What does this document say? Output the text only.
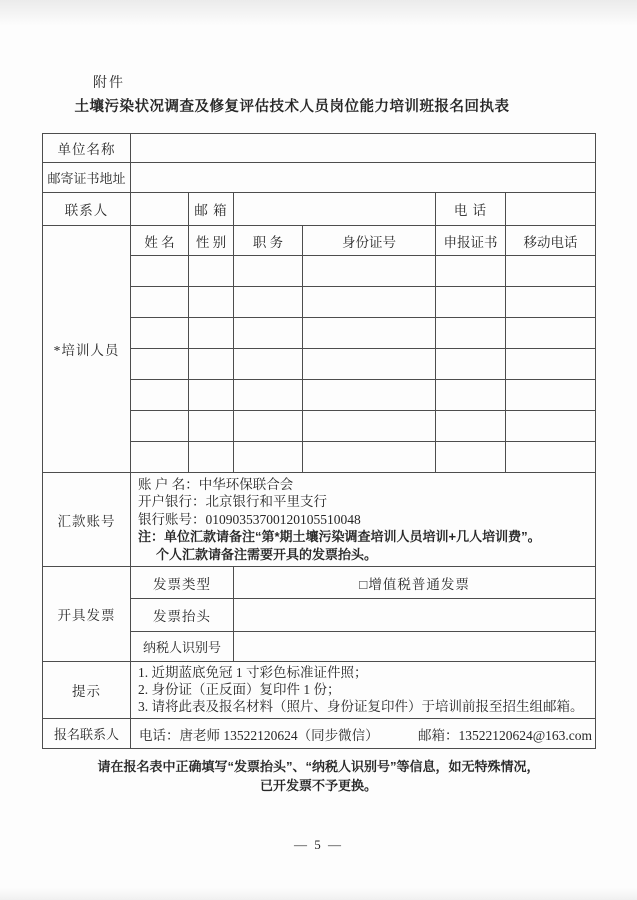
附件
土壤污染状况调查及修复评估技术人员岗位能力培训班报名回执表
单位名称						
邮寄证书地址						
联系人		邮 箱			电 话	
*培训人员	姓 名	性 别	职 务	身份证号	申报证书	移动电话

汇款账号	账 户 名：中华环保联合会
开户银行：北京银行和平里支行
银行账号：01090353700120105510048
注：单位汇款请备注“第*期土壤污染调查培训人员培训+几人培训费”。
个人汇款请备注需要开具的发票抬头。					

开具发票	发票类型		□增值税普通发票			
	发票抬头					
	纳税人识别号					
提示	1. 近期蓝底免冠 1 寸彩色标准证件照；
2. 身份证（正反面）复印件 1 份；
3. 请将此表及报名材料（照片、身份证复印件）于培训前报至招生组邮箱。					

报名联系人	电话：唐老师 13522120624（同步微信） 邮箱：13522120624@163.com					
请在报名表中正确填写“发票抬头”、“纳税人识别号”等信息，如无特殊情况，
已开发票不予更换。
— 5 —
